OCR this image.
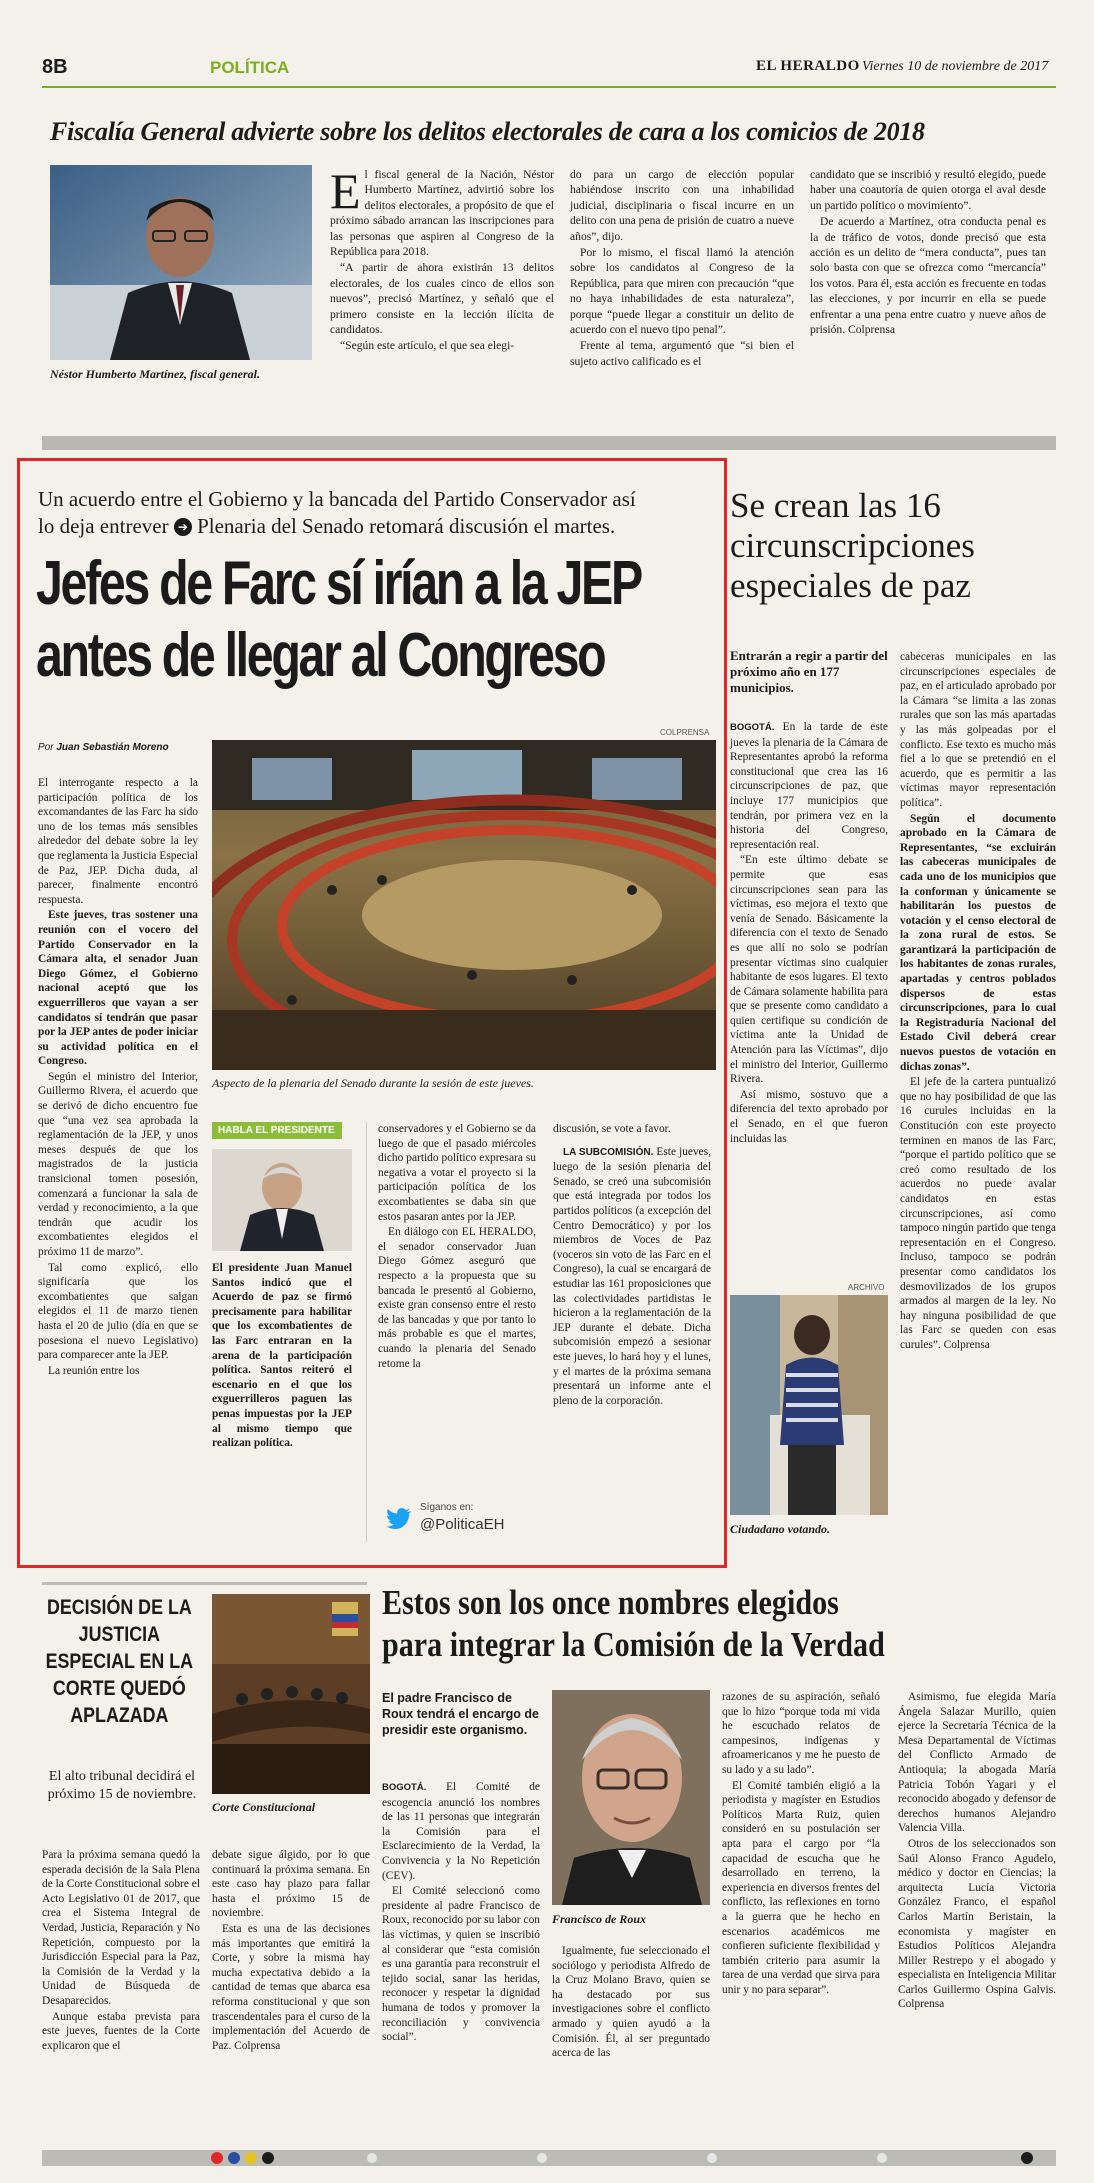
8B	POLÍTICA	EL HERALDO Viernes 10 de noviembre de 2017
Fiscalía General advierte sobre los delitos electorales de cara a los comicios de 2018
Néstor Humberto Martínez, fiscal general.
E l fiscal general de la Nación, Néstor Humberto Martínez, advirtió sobre los delitos electorales, a propósito de que el próximo sábado arrancan las inscripciones para las personas que aspiren al Congreso de la República para 2018.

“A partir de ahora existirán 13 delitos electorales, de los cuales cinco de ellos son nuevos”, precisó Martínez, y señaló que el primero consiste en la lección ilícita de candidatos.

“Según este artículo, el que sea elegi-

do para un cargo de elección popular habiéndose inscrito con una inhabilidad judicial, disciplinaria o fiscal incurre en un delito con una pena de prisión de cuatro a nueve años”, dijo.

Por lo mismo, el fiscal llamó la atención sobre los candidatos al Congreso de la República, para que miren con precaución “que no haya inhabilidades de esta naturaleza”, porque “puede llegar a constituir un delito de acuerdo con el nuevo tipo penal”.

Frente al tema, argumentó que “si bien el sujeto activo calificado es el

candidato que se inscribió y resultó elegido, puede haber una coautoría de quien otorga el aval desde un partido político o movimiento”.

De acuerdo a Martínez, otra conducta penal es la de tráfico de votos, donde precisó que esta acción es un delito de “mera conducta”, pues tan solo basta con que se ofrezca como “mercancía” los votos. Para él, esta acción es frecuente en todas las elecciones, y por incurrir en ella se puede enfrentar a una pena entre cuatro y nueve años de prisión. Colprensa

Un acuerdo entre el Gobierno y la bancada del Partido Conservador así
lo deja entrever ➔ Plenaria del Senado retomará discusión el martes.
Jefes de Farc sí irían a la JEP
antes de llegar al Congreso
Por Juan Sebastián Moreno
COLPRENSA
Aspecto de la plenaria del Senado durante la sesión de este jueves.

El interrogante respecto a la participación política de los excomandantes de las Farc ha sido uno de los temas más sensibles alrededor del debate sobre la ley que reglamenta la Justicia Especial de Paz, JEP. Dicha duda, al parecer, finalmente encontró respuesta.

Este jueves, tras sostener una reunión con el vocero del Partido Conservador en la Cámara alta, el senador Juan Diego Gómez, el Gobierno nacional aceptó que los exguerrilleros que vayan a ser candidatos sí tendrán que pasar por la JEP antes de poder iniciar su actividad política en el Congreso.

Según el ministro del Interior, Guillermo Rivera, el acuerdo que se derivó de dicho encuentro fue que “una vez sea aprobada la reglamentación de la JEP, y unos meses después de que los magistrados de la justicia transicional tomen posesión, comenzará a funcionar la sala de verdad y reconocimiento, a la que tendrán que acudir los excombatientes elegidos el próximo 11 de marzo”.

Tal como explicó, ello significaría que los excombatientes que salgan elegidos el 11 de marzo tienen hasta el 20 de julio (día en que se posesiona el nuevo Legislativo) para comparecer ante la JEP.

La reunión entre los

HABLA EL PRESIDENTE
El presidente Juan Manuel Santos indicó que el Acuerdo de paz se firmó precisamente para habilitar que los excombatientes de las Farc entraran en la arena de la participación política. Santos reiteró el escenario en el que los exguerrilleros paguen las penas impuestas por la JEP al mismo tiempo que realizan política.

conservadores y el Gobierno se da luego de que el pasado miércoles dicho partido político expresara su negativa a votar el proyecto si la participación política de los excombatientes se daba sin que estos pasaran antes por la JEP.

En diálogo con EL HERALDO, el senador conservador Juan Diego Gómez aseguró que respecto a la propuesta que su bancada le presentó al Gobierno, existe gran consenso entre el resto de las bancadas y que por tanto lo más probable es que el martes, cuando la plenaria del Senado retome la

Síganos en:
@PoliticaEH

discusión, se vote a favor.

LA SUBCOMISIÓN. Este jueves, luego de la sesión plenaria del Senado, se creó una subcomisión que está integrada por todos los partidos políticos (a excepción del Centro Democrático) y por los miembros de Voces de Paz (voceros sin voto de las Farc en el Congreso), la cual se encargará de estudiar las 161 proposiciones que las colectividades partidistas le hicieron a la reglamentación de la JEP durante el debate. Dicha subcomisión empezó a sesionar este jueves, lo hará hoy y el lunes, y el martes de la próxima semana presentará un informe ante el pleno de la corporación.

Se crean las 16 circunscripciones especiales de paz
Entrarán a regir a partir del próximo año en 177 municipios.

BOGOTÁ. En la tarde de este jueves la plenaria de la Cámara de Representantes aprobó la reforma constitucional que crea las 16 circunscripciones de paz, que incluye 177 municipios que tendrán, por primera vez en la historia del Congreso, representación real.

“En este último debate se permite que esas circunscripciones sean para las víctimas, eso mejora el texto que venía de Senado. Básicamente la diferencia con el texto de Senado es que allí no solo se podrían presentar víctimas sino cualquier habitante de esos lugares. El texto de Cámara solamente habilita para que se presente como candidato a quien certifique su condición de víctima ante la Unidad de Atención para las Víctimas”, dijo el ministro del Interior, Guillermo Rivera.

Así mismo, sostuvo que a diferencia del texto aprobado por el Senado, en el que fueron incluidas las

ARCHIVO
Ciudadano votando.

cabeceras municipales en las circunscripciones especiales de paz, en el articulado aprobado por la Cámara “se limita a las zonas rurales que son las más apartadas y las más golpeadas por el conflicto. Ese texto es mucho más fiel a lo que se pretendió en el acuerdo, que es permitir a las víctimas mayor representación política”.

Según el documento aprobado en la Cámara de Representantes, “se excluirán las cabeceras municipales de cada uno de los municipios que la conforman y únicamente se habilitarán los puestos de votación y el censo electoral de la zona rural de estos. Se garantizará la participación de los habitantes de zonas rurales, apartadas y centros poblados dispersos de estas circunscripciones, para lo cual la Registraduría Nacional del Estado Civil deberá crear nuevos puestos de votación en dichas zonas”.

El jefe de la cartera puntualizó que no hay posibilidad de que las 16 curules incluidas en la Constitución con este proyecto terminen en manos de las Farc, “porque el partido político que se creó como resultado de los acuerdos no puede avalar candidatos en estas circunscripciones, así como tampoco ningún partido que tenga representación en el Congreso. Incluso, tampoco se podrán presentar como candidatos los desmovilizados de los grupos armados al margen de la ley. No hay ninguna posibilidad de que las Farc se queden con esas curules”. Colprensa

DECISIÓN DE LA JUSTICIA ESPECIAL EN LA CORTE QUEDÓ APLAZADA
El alto tribunal decidirá el próximo 15 de noviembre.
Corte Constitucional

Para la próxima semana quedó la esperada decisión de la Sala Plena de la Corte Constitucional sobre el Acto Legislativo 01 de 2017, que crea el Sistema Integral de Verdad, Justicia, Reparación y No Repetición, compuesto por la Jurisdicción Especial para la Paz, la Comisión de la Verdad y la Unidad de Búsqueda de Desaparecidos.

Aunque estaba prevista para este jueves, fuentes de la Corte explicaron que el

debate sigue álgido, por lo que continuará la próxima semana. En este caso hay plazo para fallar hasta el próximo 15 de noviembre.

Esta es una de las decisiones más importantes que emitirá la Corte, y sobre la misma hay mucha expectativa debido a la cantidad de temas que abarca esa reforma constitucional y que son trascendentales para el curso de la implementación del Acuerdo de Paz. Colprensa

Estos son los once nombres elegidos
para integrar la Comisión de la Verdad
El padre Francisco de Roux tendrá el encargo de presidir este organismo.

BOGOTÁ. El Comité de escogencia anunció los nombres de las 11 personas que integrarán la Comisión para el Esclarecimiento de la Verdad, la Convivencia y la No Repetición (CEV).

El Comité seleccionó como presidente al padre Francisco de Roux, reconocido por su labor con las víctimas, y quien se inscribió al considerar que “esta comisión es una garantía para reconstruir el tejido social, sanar las heridas, reconocer y respetar la dignidad humana de todos y promover la reconciliación y convivencia social”.

Francisco de Roux

Igualmente, fue seleccionado el sociólogo y periodista Alfredo de la Cruz Molano Bravo, quien se ha destacado por sus investigaciones sobre el conflicto armado y quien ayudó a la Comisión. Él, al ser preguntado acerca de las

razones de su aspiración, señaló que lo hizo “porque toda mi vida he escuchado relatos de campesinos, indígenas y afroamericanos y me he puesto de su lado y a su lado”.

El Comité también eligió a la periodista y magíster en Estudios Políticos Marta Ruiz, quien consideró en su postulación ser apta para el cargo por “la capacidad de escucha que he desarrollado en terreno, la experiencia en diversos frentes del conflicto, las reflexiones en torno a la guerra que he hecho en escenarios académicos me confieren suficiente flexibilidad y también criterio para asumir la tarea de una verdad que sirva para unir y no para separar”.

Asimismo, fue elegida María Ángela Salazar Murillo, quien ejerce la Secretaría Técnica de la Mesa Departamental de Víctimas del Conflicto Armado de Antioquia; la abogada María Patricia Tobón Yagari y el reconocido abogado y defensor de derechos humanos Alejandro Valencia Villa.

Otros de los seleccionados son Saúl Alonso Franco Agudelo, médico y doctor en Ciencias; la arquitecta Lucía Victoria González Franco, el español Carlos Martín Beristain, la economista y magíster en Estudios Políticos Alejandra Miller Restrepo y el abogado y especialista en Inteligencia Militar Carlos Guillermo Ospina Galvis. Colprensa
